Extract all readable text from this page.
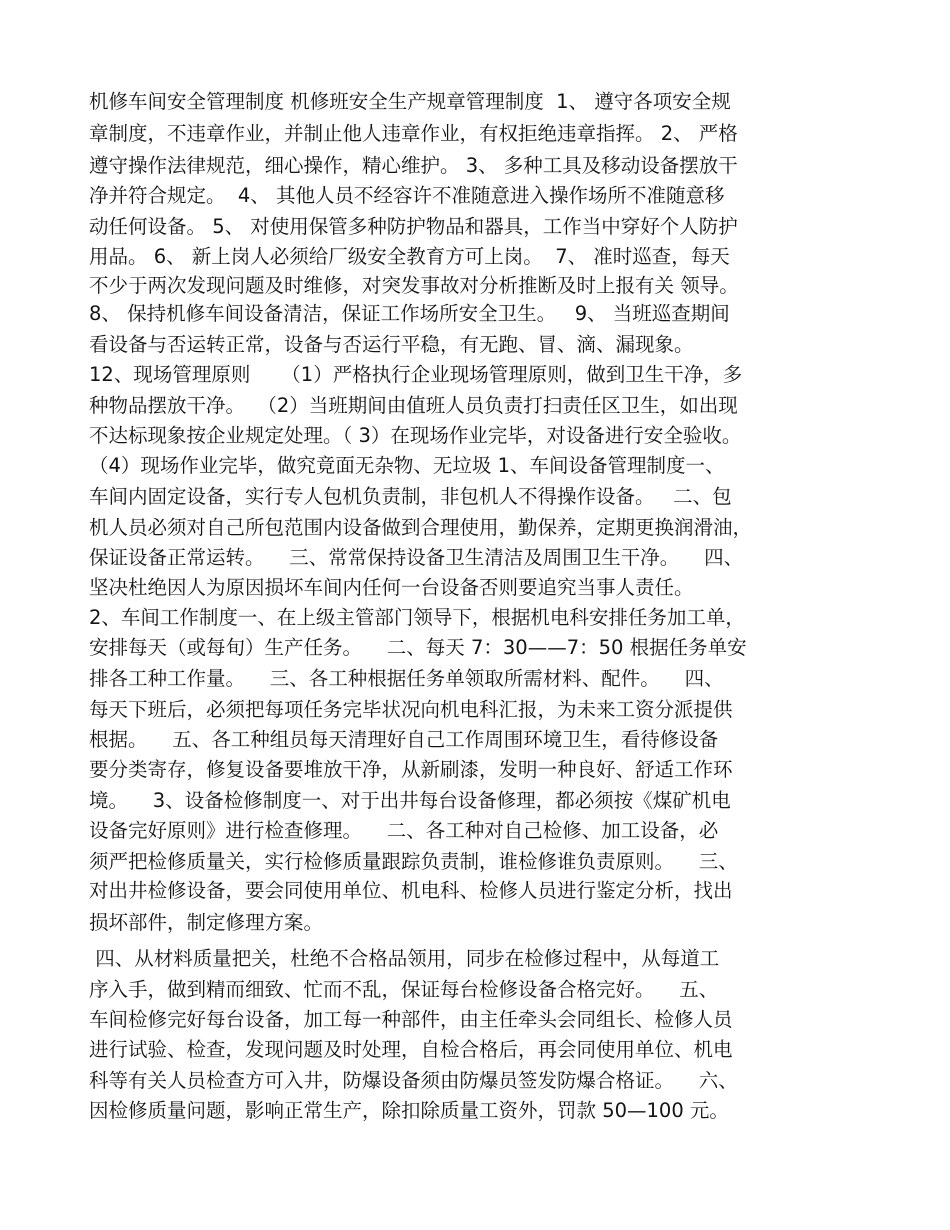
机修车间安全管理制度 机修班安全生产规章管理制度  1、 遵守各项安全规
章制度，不违章作业，并制止他人违章作业，有权拒绝违章指挥。 2、 严格
遵守操作法律规范，细心操作，精心维护。 3、 多种工具及移动设备摆放干
净并符合规定。  4、 其他人员不经容许不准随意进入操作场所不准随意移
动任何设备。 5、 对使用保管多种防护物品和器具，工作当中穿好个人防护
用品。 6、 新上岗人必须给厂级安全教育方可上岗。  7、 准时巡查，每天
不少于两次发现问题及时维修，对突发事故对分析推断及时上报有关 领导。
8、 保持机修车间设备清洁，保证工作场所安全卫生。   9、 当班巡查期间
看设备与否运转正常，设备与否运行平稳，有无跑、冒、滴、漏现象。
12、现场管理原则     （1）严格执行企业现场管理原则，做到卫生干净，多
种物品摆放干净。  （2）当班期间由值班人员负责打扫责任区卫生，如出现
不达标现象按企业规定处理。（ 3）在现场作业完毕，对设备进行安全验收。
（4）现场作业完毕，做究竟面无杂物、无垃圾 1、车间设备管理制度一、
车间内固定设备，实行专人包机负责制，非包机人不得操作设备。   二、包
机人员必须对自己所包范围内设备做到合理使用，勤保养，定期更换润滑油，
保证设备正常运转。    三、常常保持设备卫生清洁及周围卫生干净。    四、
坚决杜绝因人为原因损坏车间内任何一台设备否则要追究当事人责任。
2、车间工作制度一、在上级主管部门领导下，根据机电科安排任务加工单，
安排每天（或每旬）生产任务。    二、每天 7：30——7：50 根据任务单安
排各工种工作量。    三、各工种根据任务单领取所需材料、配件。    四、
每天下班后，必须把每项任务完毕状况向机电科汇报，为未来工资分派提供
根据。    五、各工种组员每天清理好自己工作周围环境卫生，看待修设备
要分类寄存，修复设备要堆放干净，从新刷漆，发明一种良好、舒适工作环
境。    3、设备检修制度一、对于出井每台设备修理，都必须按《煤矿机电
设备完好原则》进行检查修理。    二、各工种对自己检修、加工设备，必
须严把检修质量关，实行检修质量跟踪负责制，谁检修谁负责原则。    三、
对出井检修设备，要会同使用单位、机电科、检修人员进行鉴定分析，找出
损坏部件，制定修理方案。
四、从材料质量把关，杜绝不合格品领用，同步在检修过程中，从每道工
序入手，做到精而细致、忙而不乱，保证每台检修设备合格完好。    五、
车间检修完好每台设备，加工每一种部件，由主任牵头会同组长、检修人员
进行试验、检查，发现问题及时处理，自检合格后，再会同使用单位、机电
科等有关人员检查方可入井，防爆设备须由防爆员签发防爆合格证。    六、
因检修质量问题，影响正常生产，除扣除质量工资外，罚款 50—100 元。
